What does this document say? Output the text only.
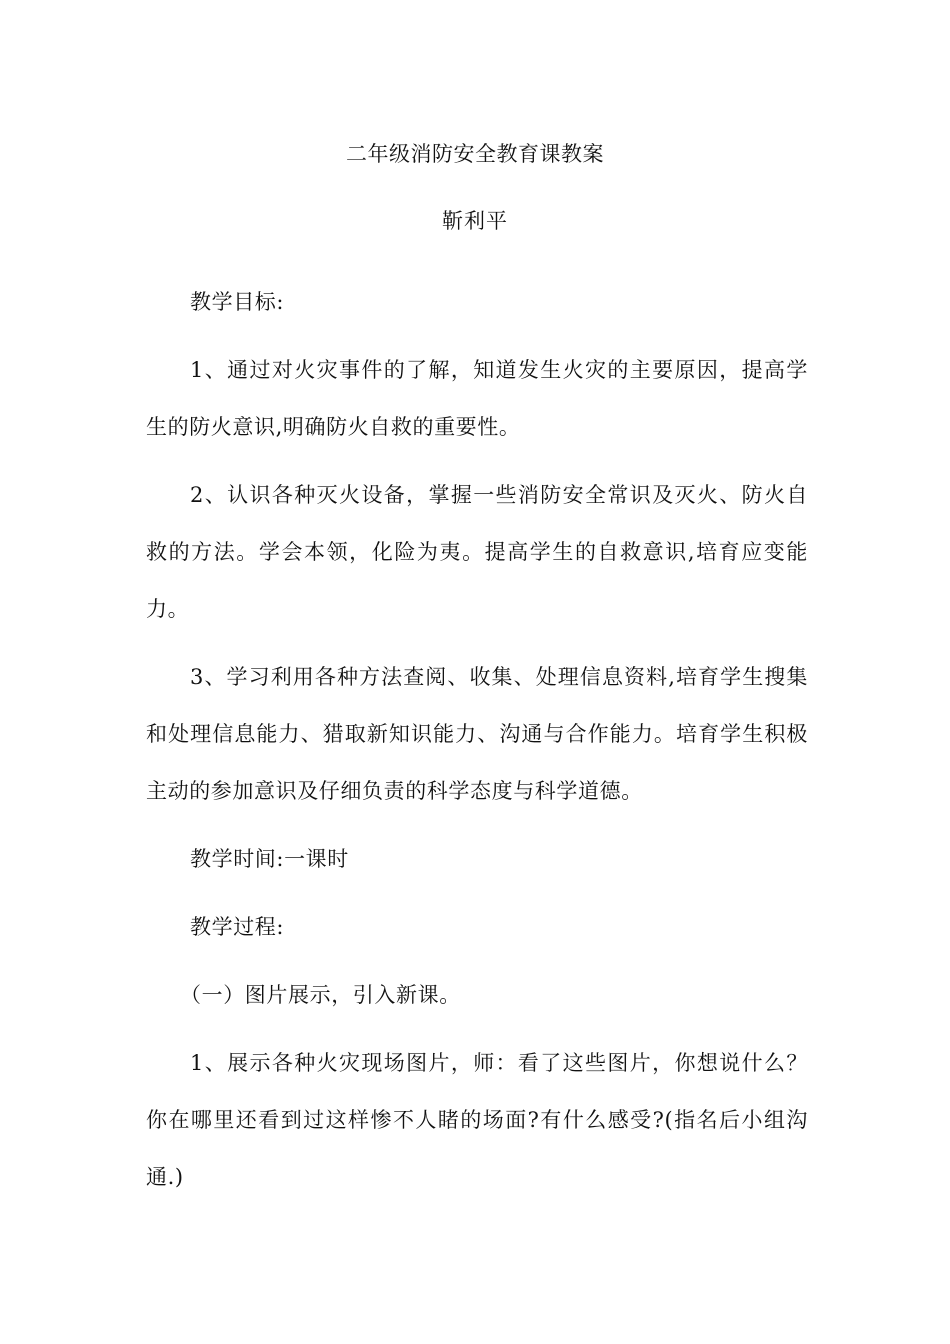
二年级消防安全教育课教案
靳利平

教学目标:

1、通过对火灾事件的了解，知道发生火灾的主要原因，提高学生的防火意识,明确防火自救的重要性。

2、认识各种灭火设备，掌握一些消防安全常识及灭火、防火自救的方法。学会本领，化险为夷。提高学生的自救意识,培育应变能力。

3、学习利用各种方法查阅、收集、处理信息资料,培育学生搜集和处理信息能力、猎取新知识能力、沟通与合作能力。培育学生积极主动的参加意识及仔细负责的科学态度与科学道德。

教学时间:一课时

教学过程:

（一）图片展示，引入新课。

1、展示各种火灾现场图片，师：看了这些图片，你想说什么？你在哪里还看到过这样惨不人睹的场面?有什么感受?(指名后小组沟通.)
